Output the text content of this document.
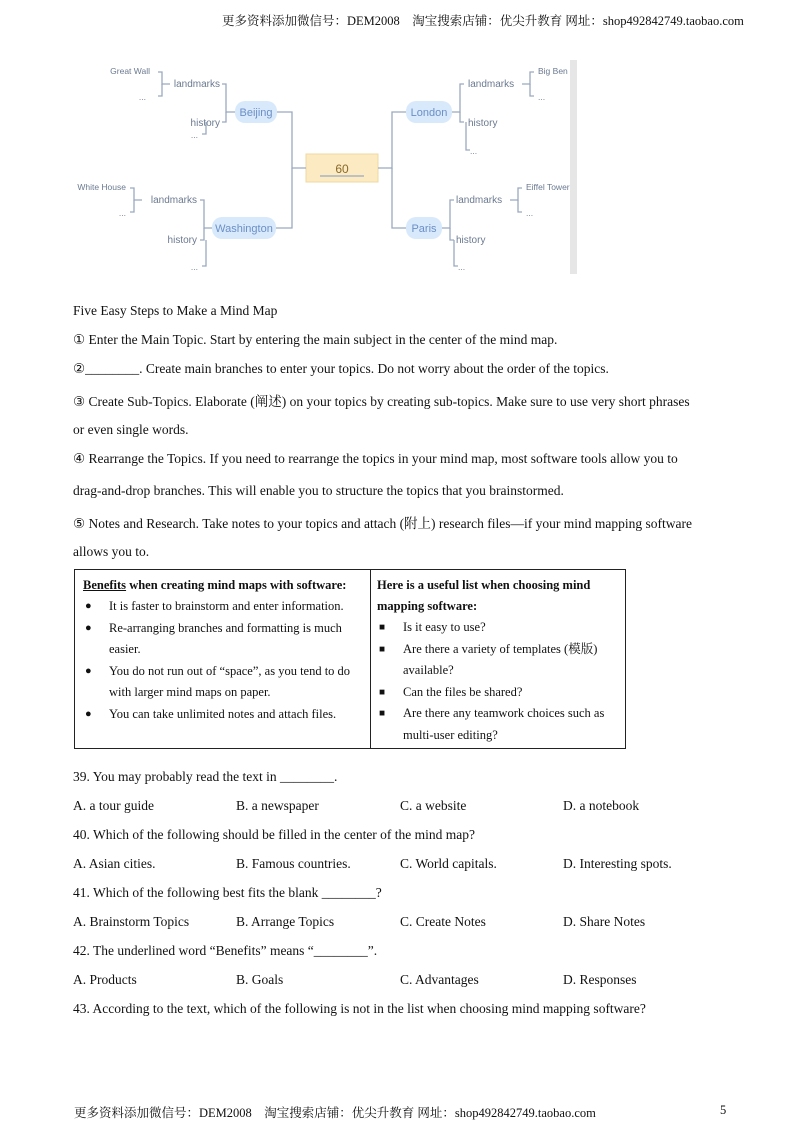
更多资料添加微信号：DEM2008　淘宝搜索店铺：优尖升教育 网址：shop492842749.taobao.com
60
Beijing
Washington
London
Paris
landmarks
history
Great Wall
...
...
landmarks
history
White House
...
...
landmarks
history
Big Ben
...
...
landmarks
history
Eiffel Tower
...
...
Five Easy Steps to Make a Mind Map
① Enter the Main Topic. Start by entering the main subject in the center of the mind map.
②________. Create main branches to enter your topics. Do not worry about the order of the topics.
③ Create Sub-Topics. Elaborate (阐述) on your topics by creating sub-topics. Make sure to use very short phrases
or even single words.
④ Rearrange the Topics. If you need to rearrange the topics in your mind map, most software tools allow you to
drag-and-drop branches. This will enable you to structure the topics that you brainstormed.
⑤ Notes and Research. Take notes to your topics and attach (附上) research files—if your mind mapping software
allows you to.
Benefits when creating mind maps with software:
● It is faster to brainstorm and enter information.
● Re-arranging branches and formatting is much easier.
● You do not run out of “space”, as you tend to do with larger mind maps on paper.
● You can take unlimited notes and attach files.
Here is a useful list when choosing mind mapping software:
■ Is it easy to use?
■ Are there a variety of templates (模版) available?
■ Can the files be shared?
■ Are there any teamwork choices such as multi-user editing?
39. You may probably read the text in ________.
A. a tour guide	B. a newspaper	C. a website	D. a notebook
40. Which of the following should be filled in the center of the mind map?
A. Asian cities.	B. Famous countries.	C. World capitals.	D. Interesting spots.
41. Which of the following best fits the blank ________?
A. Brainstorm Topics	B. Arrange Topics	C. Create Notes	D. Share Notes
42. The underlined word “Benefits” means “________”.
A. Products	B. Goals	C. Advantages	D. Responses
43. According to the text, which of the following is not in the list when choosing mind mapping software?
更多资料添加微信号：DEM2008　淘宝搜索店铺：优尖升教育 网址：shop492842749.taobao.com	5
